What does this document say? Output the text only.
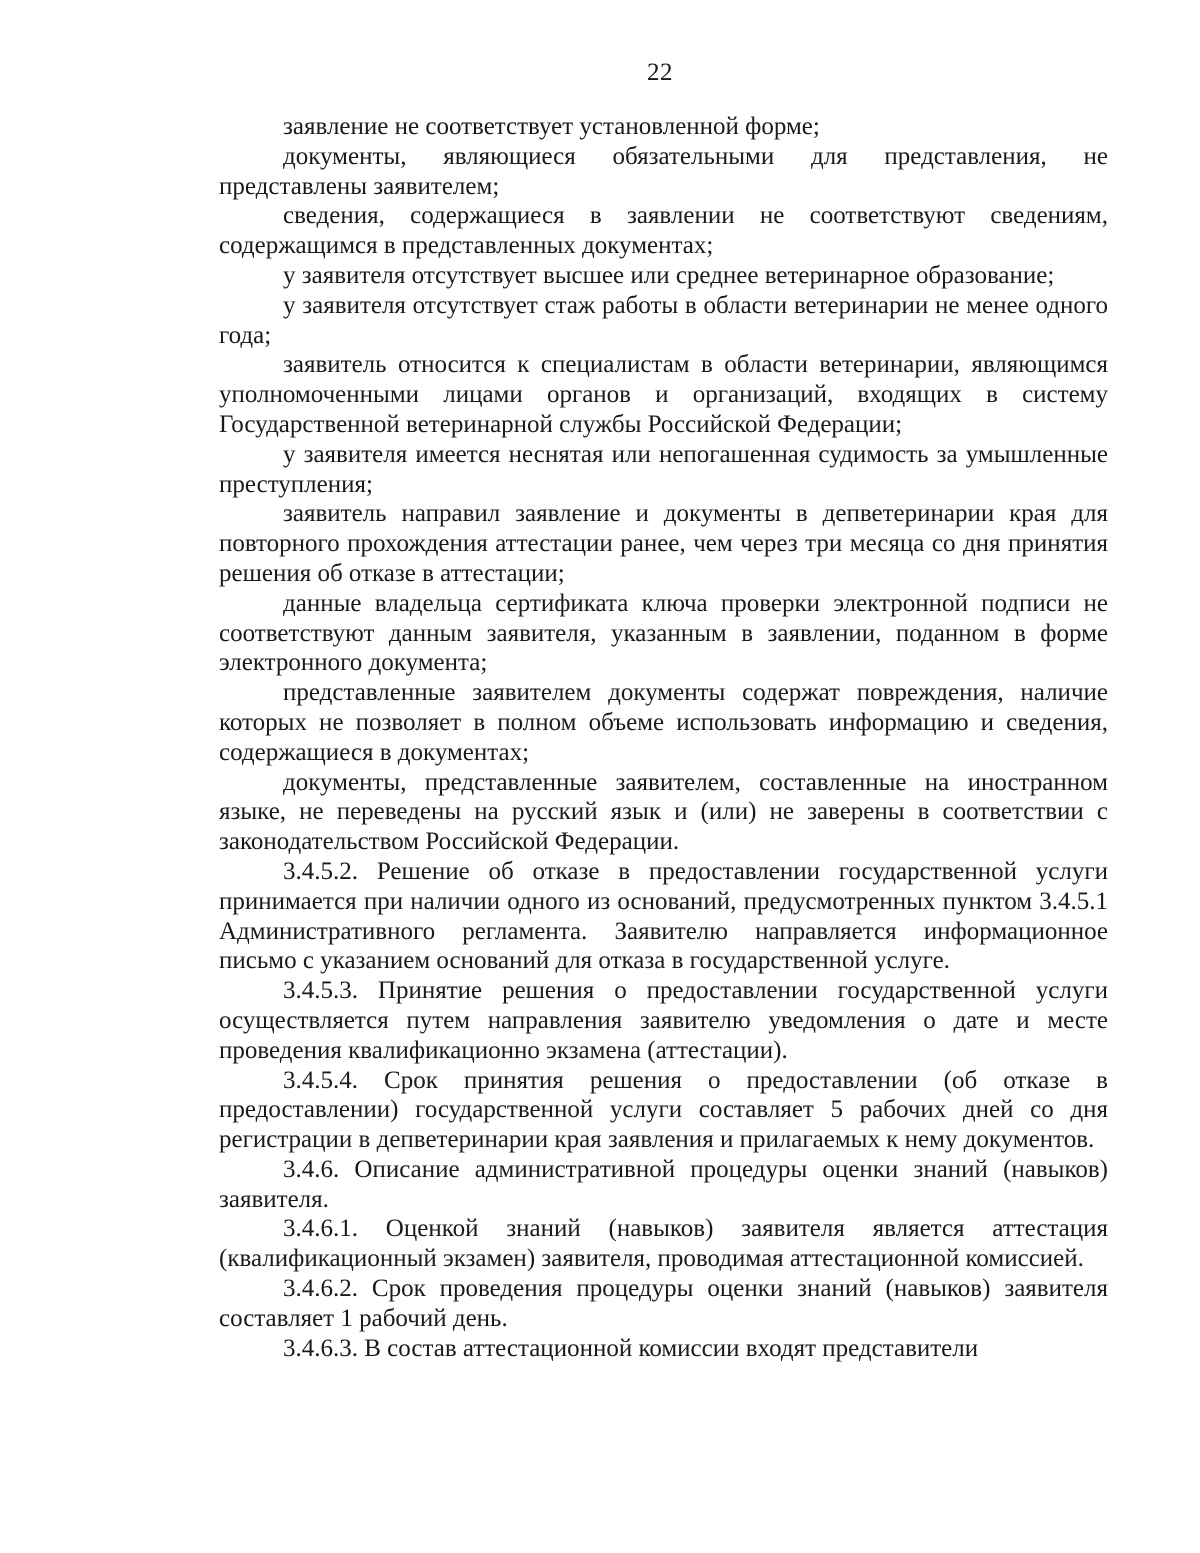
22

заявление не соответствует установленной форме;

документы, являющиеся обязательными для представления, не представлены заявителем;

сведения, содержащиеся в заявлении не соответствуют сведениям, содержащимся в представленных документах;

у заявителя отсутствует высшее или среднее ветеринарное образование;

у заявителя отсутствует стаж работы в области ветеринарии не менее одного года;

заявитель относится к специалистам в области ветеринарии, являющимся уполномоченными лицами органов и организаций, входящих в систему Государственной ветеринарной службы Российской Федерации;

у заявителя имеется неснятая или непогашенная судимость за умышленные преступления;

заявитель направил заявление и документы в депветеринарии края для повторного прохождения аттестации ранее, чем через три месяца со дня принятия решения об отказе в аттестации;

данные владельца сертификата ключа проверки электронной подписи не соответствуют данным заявителя, указанным в заявлении, поданном в форме электронного документа;

представленные заявителем документы содержат повреждения, наличие которых не позволяет в полном объеме использовать информацию и сведения, содержащиеся в документах;

документы, представленные заявителем, составленные на иностранном языке, не переведены на русский язык и (или) не заверены в соответствии с законодательством Российской Федерации.

3.4.5.2. Решение об отказе в предоставлении государственной услуги принимается при наличии одного из оснований, предусмотренных пунктом 3.4.5.1 Административного регламента. Заявителю направляется информационное письмо с указанием оснований для отказа в государственной услуге.

3.4.5.3. Принятие решения о предоставлении государственной услуги осуществляется путем направления заявителю уведомления о дате и месте проведения квалификационно экзамена (аттестации).

3.4.5.4. Срок принятия решения о предоставлении (об отказе в предоставлении) государственной услуги составляет 5 рабочих дней со дня регистрации в депветеринарии края заявления и прилагаемых к нему документов.

3.4.6. Описание административной процедуры оценки знаний (навыков) заявителя.

3.4.6.1. Оценкой знаний (навыков) заявителя является аттестация (квалификационный экзамен) заявителя, проводимая аттестационной комиссией.

3.4.6.2. Срок проведения процедуры оценки знаний (навыков) заявителя составляет 1 рабочий день.

3.4.6.3. В состав аттестационной комиссии входят представители
